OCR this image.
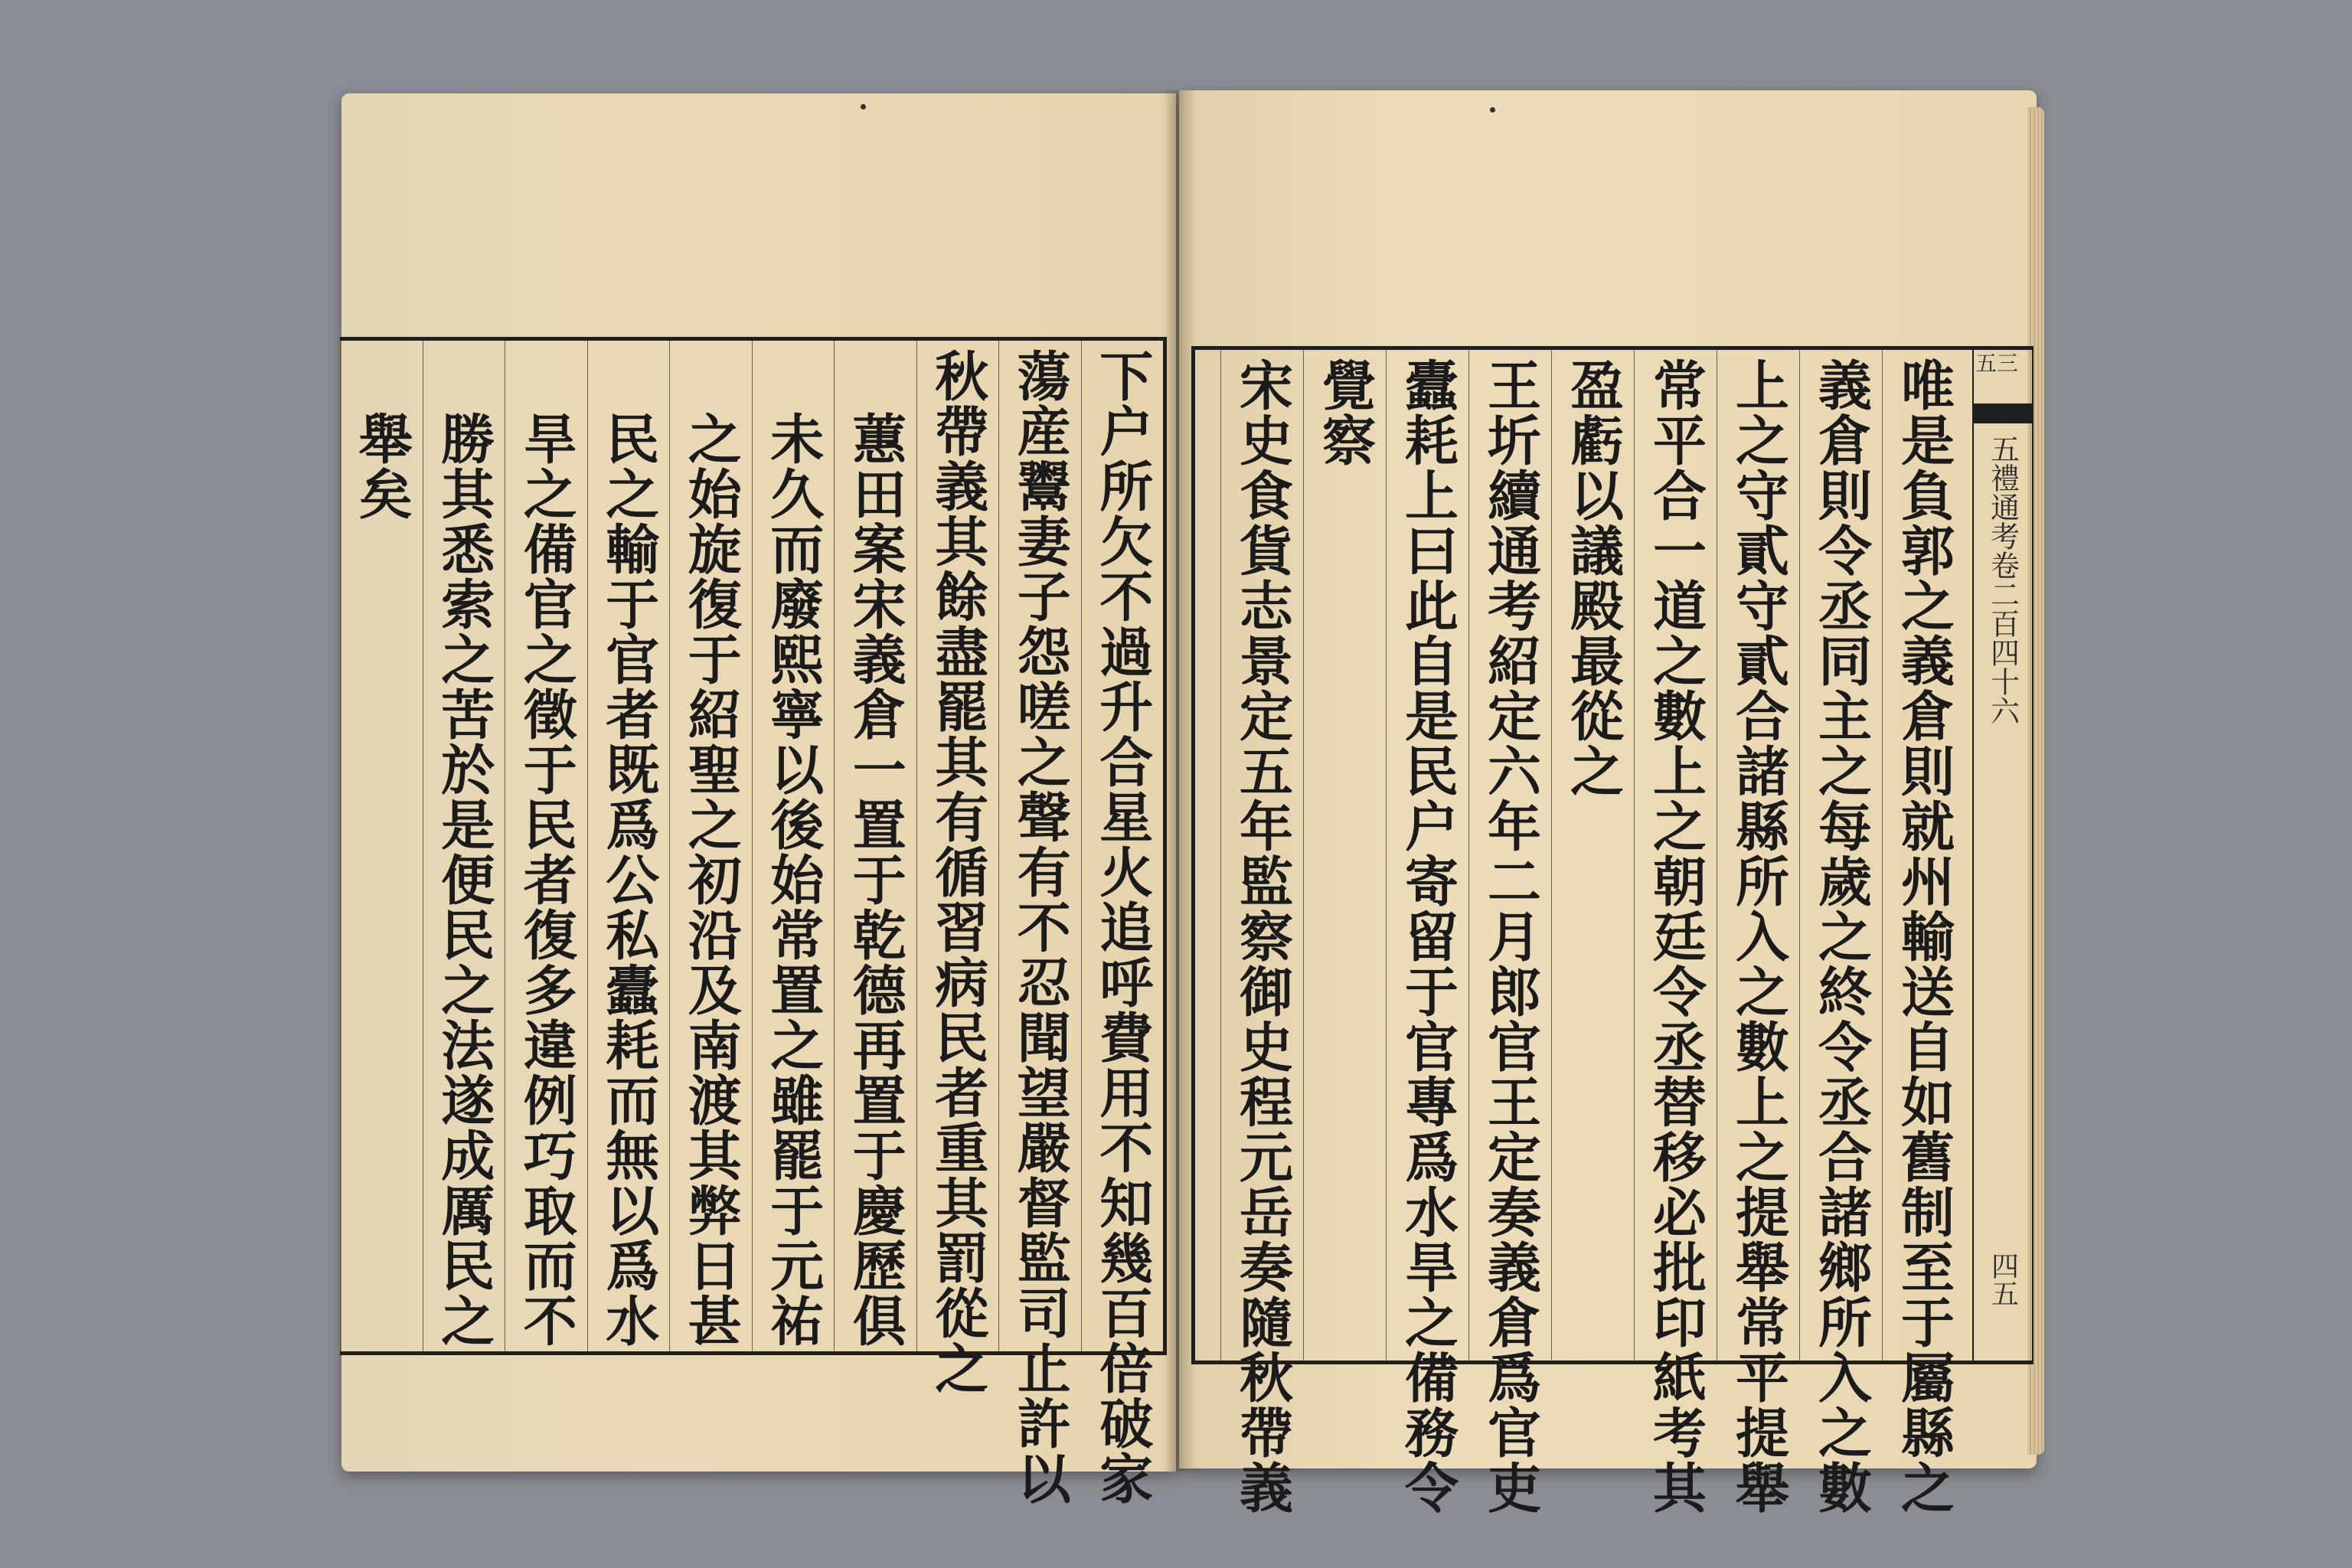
下户所欠不過升合星火追呼費用不知幾百倍破家
蕩産鬻妻子怨嗟之聲有不忍聞望嚴督監司止許以
秋帶義其餘盡罷其有循習病民者重其罰從之
蕙田案宋義倉一置于乾德再置于慶歷俱
未久而廢熙寧以後始常置之雖罷于元祐
之始旋復于紹聖之初沿及南渡其弊日甚
民之輸于官者既爲公私蠹耗而無以爲水
旱之備官之徵于民者復多違例巧取而不
勝其悉索之苦於是便民之法遂成厲民之
舉矣	五禮通考卷二百四十六
四五
五三
唯是負郭之義倉則就州輸送自如舊制至于屬縣之
義倉則令丞同主之每歲之終令丞合諸鄉所入之數
上之守貳守貳合諸縣所入之數上之提舉常平提舉
常平合一道之數上之朝廷令丞替移必批印紙考其
盈虧以議殿最從之
王圻續通考紹定六年二月郎官王定奏義倉爲官吏
蠹耗上曰此自是民户寄留于官專爲水旱之備務令
覺察
宋史食貨志景定五年監察御史程元岳奏隨秋帶義
